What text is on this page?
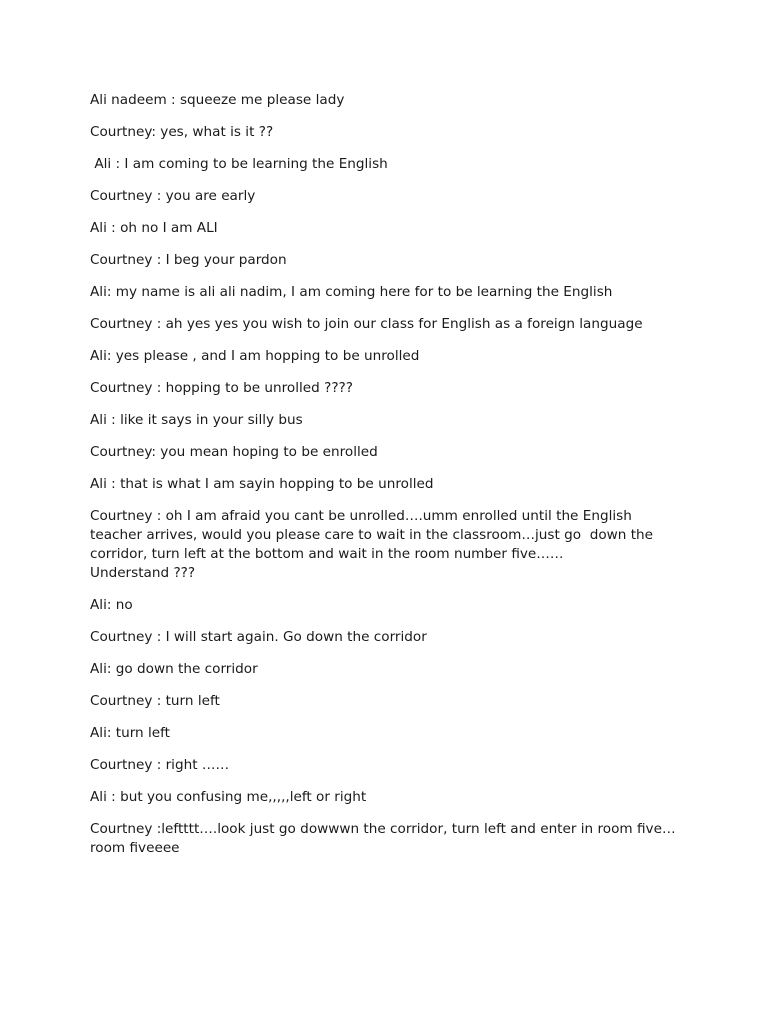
Ali nadeem : squeeze me please lady

Courtney: yes, what is it ??

Ali : I am coming to be learning the English

Courtney : you are early

Ali : oh no I am ALI

Courtney : I beg your pardon

Ali: my name is ali ali nadim, I am coming here for to be learning the English

Courtney : ah yes yes you wish to join our class for English as a foreign language

Ali: yes please , and I am hopping to be unrolled

Courtney : hopping to be unrolled ????

Ali : like it says in your silly bus

Courtney: you mean hoping to be enrolled

Ali : that is what I am sayin hopping to be unrolled

Courtney : oh I am afraid you cant be unrolled….umm enrolled until the English teacher arrives, would you please care to wait in the classroom…just go  down the corridor, turn left at the bottom and wait in the room number five……
Understand ???

Ali: no

Courtney : I will start again. Go down the corridor

Ali: go down the corridor

Courtney : turn left

Ali: turn left

Courtney : right ……

Ali : but you confusing me,,,,,left or right

Courtney :leftttt….look just go dowwwn the corridor, turn left and enter in room five…room fiveeee
